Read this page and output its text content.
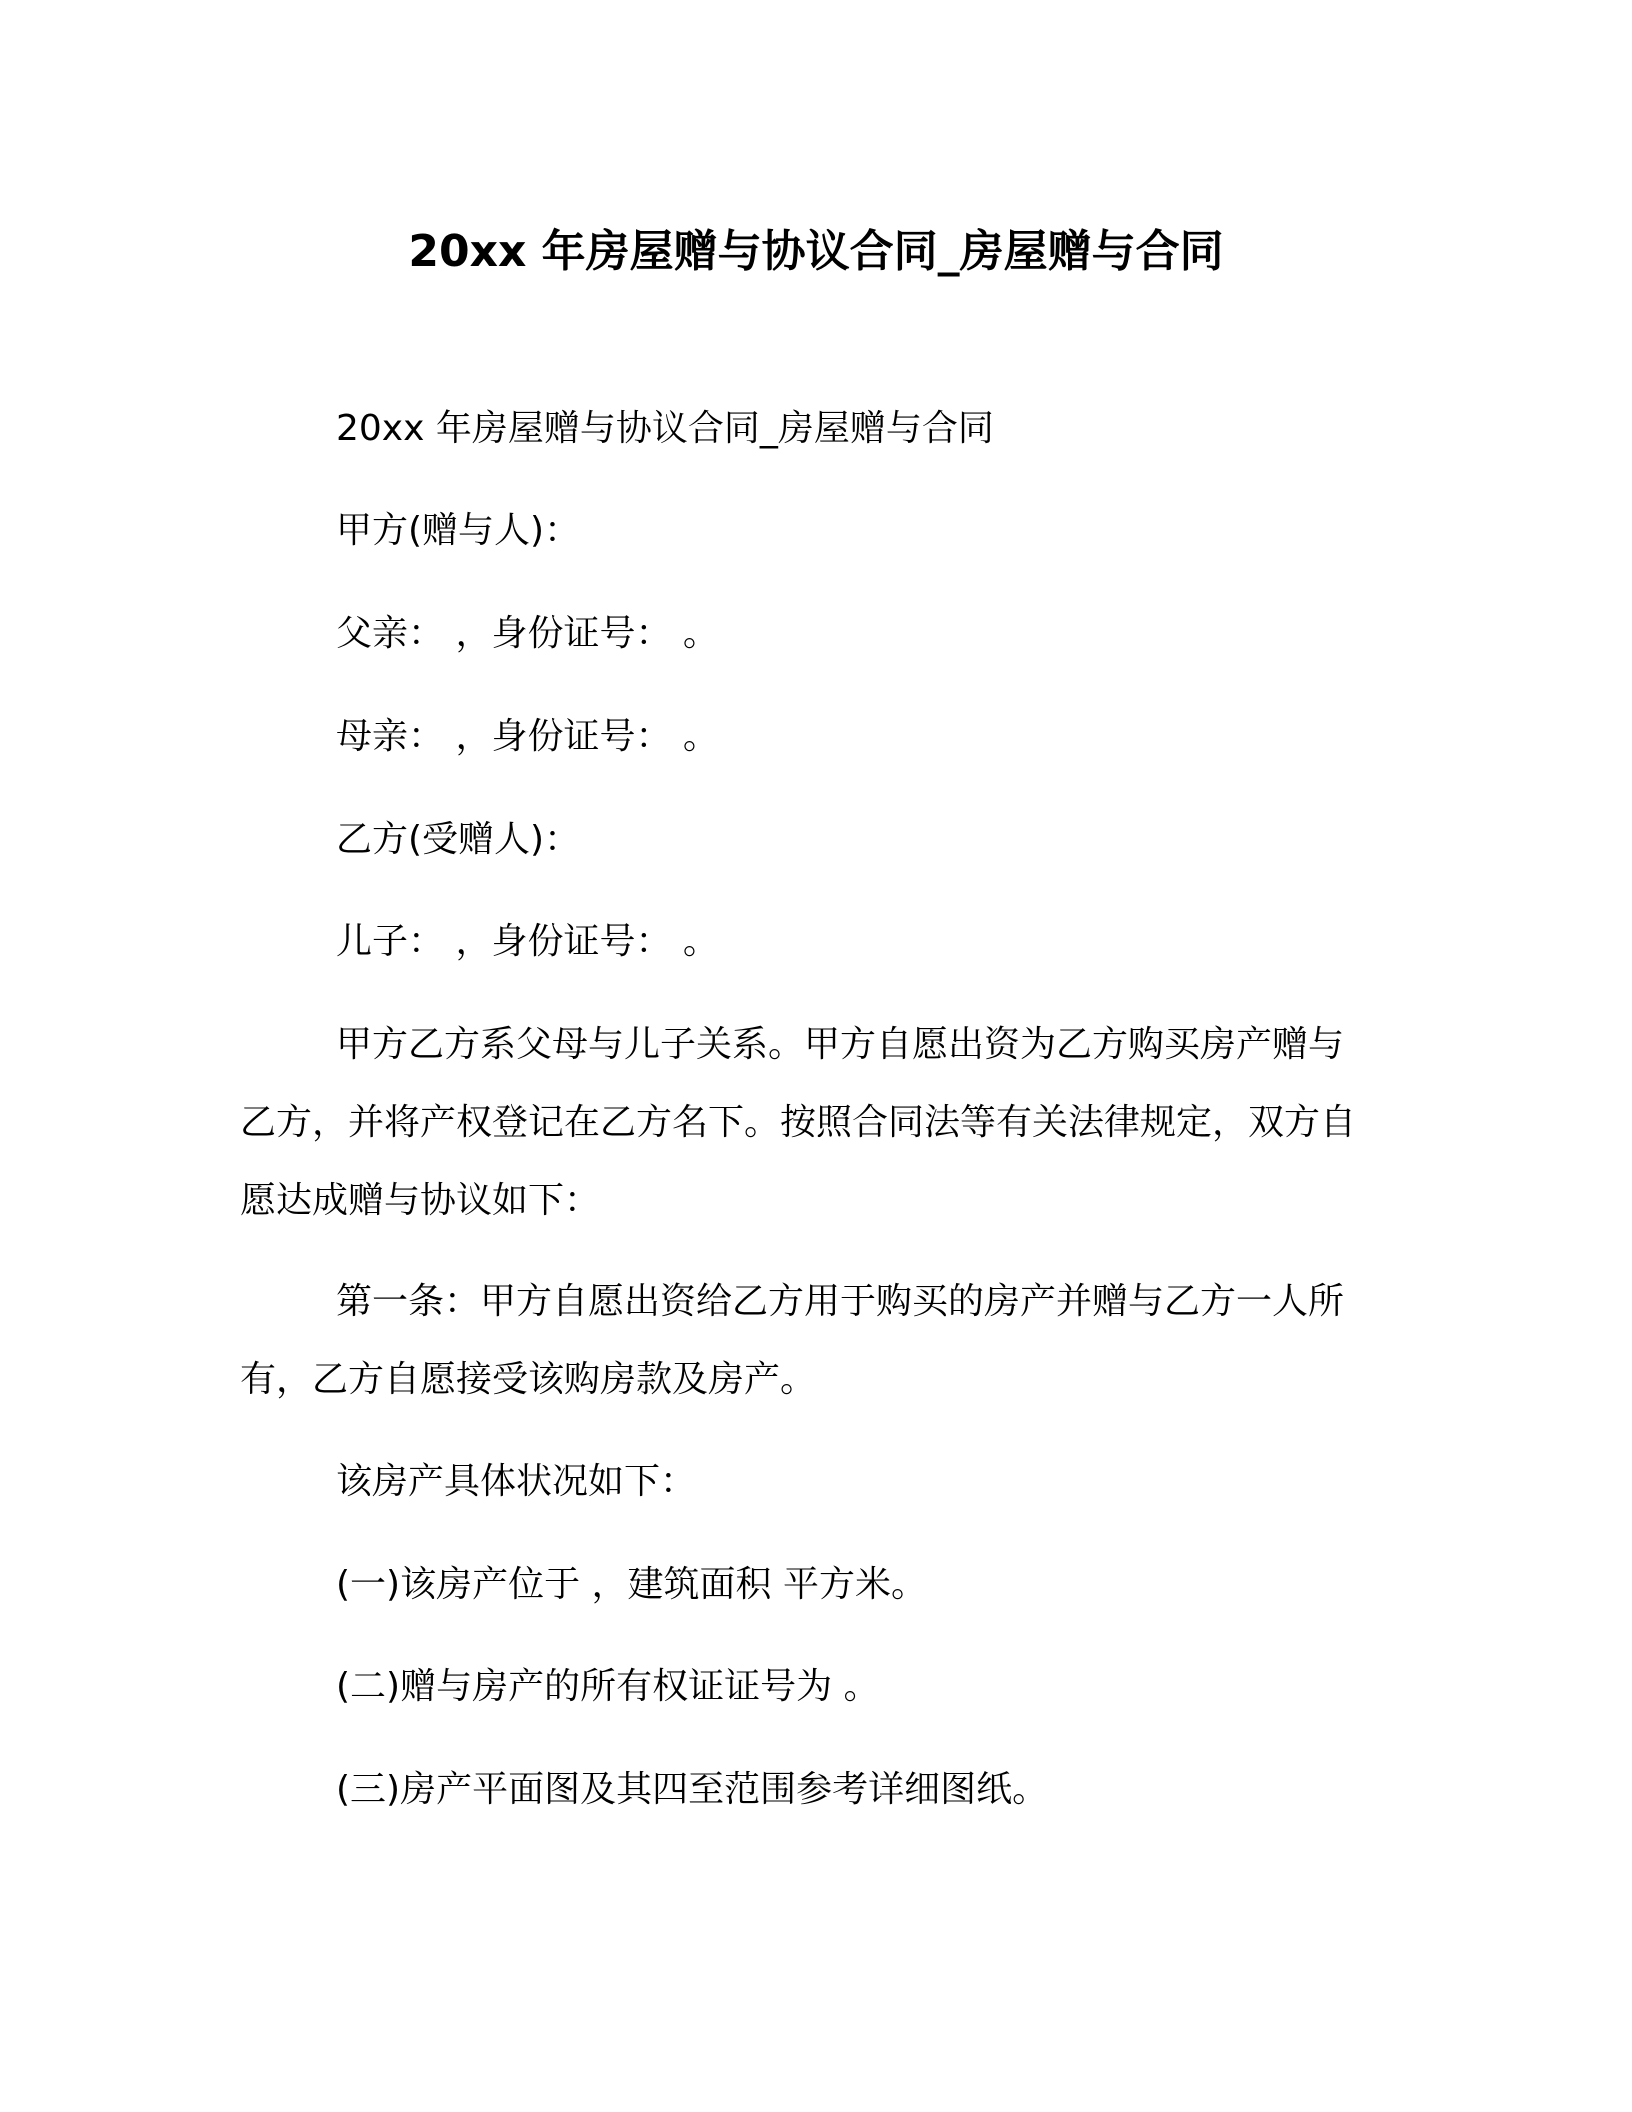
20xx 年房屋赠与协议合同_房屋赠与合同

20xx 年房屋赠与协议合同_房屋赠与合同

甲方(赠与人)：

父亲： ，身份证号： 。

母亲： ，身份证号： 。

乙方(受赠人)：

儿子： ，身份证号： 。

甲方乙方系父母与儿子关系。甲方自愿出资为乙方购买房产赠与乙方，并将产权登记在乙方名下。按照合同法等有关法律规定，双方自愿达成赠与协议如下：

第一条：甲方自愿出资给乙方用于购买的房产并赠与乙方一人所有，乙方自愿接受该购房款及房产。

该房产具体状况如下：

(一)该房产位于 ，建筑面积 平方米。

(二)赠与房产的所有权证证号为 。

(三)房产平面图及其四至范围参考详细图纸。
